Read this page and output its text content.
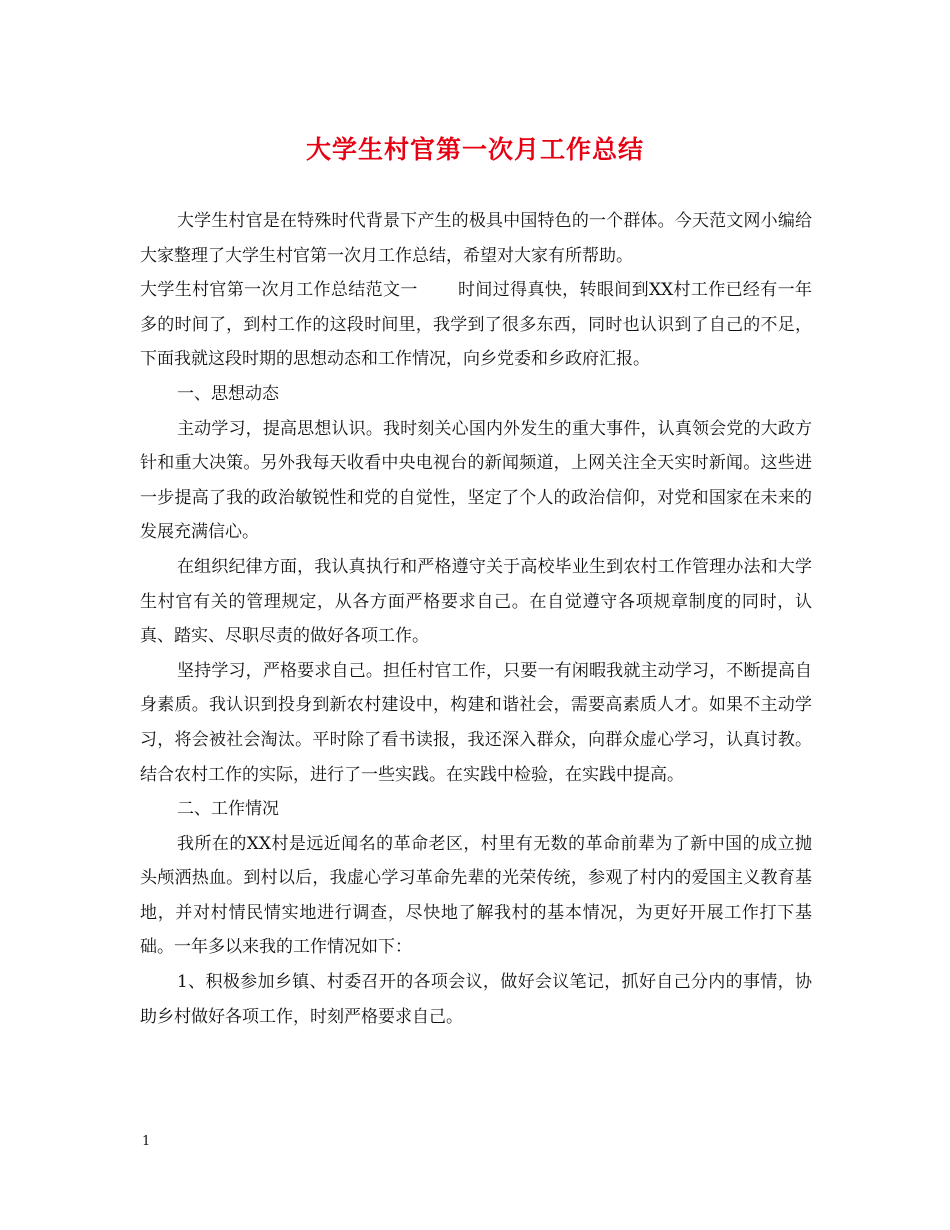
大学生村官第一次月工作总结

大学生村官是在特殊时代背景下产生的极具中国特色的一个群体。今天范文网小编给大家整理了大学生村官第一次月工作总结，希望对大家有所帮助。

大学生村官第一次月工作总结范文一 时间过得真快，转眼间到XX村工作已经有一年多的时间了，到村工作的这段时间里，我学到了很多东西，同时也认识到了自己的不足，下面我就这段时期的思想动态和工作情况，向乡党委和乡政府汇报。

一、思想动态

主动学习，提高思想认识。我时刻关心国内外发生的重大事件，认真领会党的大政方针和重大决策。另外我每天收看中央电视台的新闻频道，上网关注全天实时新闻。这些进一步提高了我的政治敏锐性和党的自觉性，坚定了个人的政治信仰，对党和国家在未来的发展充满信心。

在组织纪律方面，我认真执行和严格遵守关于高校毕业生到农村工作管理办法和大学生村官有关的管理规定，从各方面严格要求自己。在自觉遵守各项规章制度的同时，认真、踏实、尽职尽责的做好各项工作。

坚持学习，严格要求自己。担任村官工作，只要一有闲暇我就主动学习，不断提高自身素质。我认识到投身到新农村建设中，构建和谐社会，需要高素质人才。如果不主动学习，将会被社会淘汰。平时除了看书读报，我还深入群众，向群众虚心学习，认真讨教。结合农村工作的实际，进行了一些实践。在实践中检验，在实践中提高。

二、工作情况

我所在的XX村是远近闻名的革命老区，村里有无数的革命前辈为了新中国的成立抛头颅洒热血。到村以后，我虚心学习革命先辈的光荣传统，参观了村内的爱国主义教育基地，并对村情民情实地进行调查，尽快地了解我村的基本情况，为更好开展工作打下基础。一年多以来我的工作情况如下：

1、积极参加乡镇、村委召开的各项会议，做好会议笔记，抓好自己分内的事情，协助乡村做好各项工作，时刻严格要求自己。

1
